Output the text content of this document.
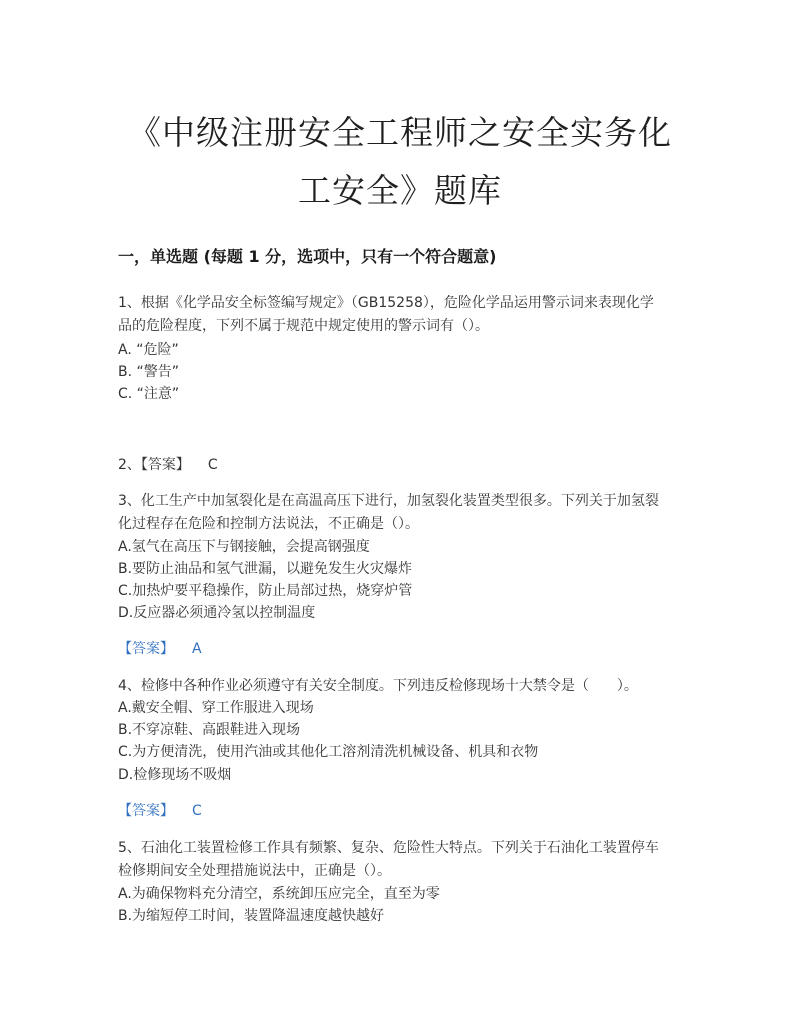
《中级注册安全工程师之安全实务化
工安全》题库
一，单选题 (每题 1 分，选项中，只有一个符合题意)
1、根据《化学品安全标签编写规定》（GB15258），危险化学品运用警示词来表现化学
品的危险程度，下列不属于规范中规定使用的警示词有（）。
A. “危险”
B. “警告”
C. “注意”
2、【答案】 C
3、化工生产中加氢裂化是在高温高压下进行，加氢裂化装置类型很多。下列关于加氢裂
化过程存在危险和控制方法说法，不正确是（）。
A.氢气在高压下与钢接触，会提高钢强度
B.要防止油品和氢气泄漏，以避免发生火灾爆炸
C.加热炉要平稳操作，防止局部过热，烧穿炉管
D.反应器必须通冷氢以控制温度
【答案】 A
4、检修中各种作业必须遵守有关安全制度。下列违反检修现场十大禁令是（　　）。
A.戴安全帽、穿工作服进入现场
B.不穿凉鞋、高跟鞋进入现场
C.为方便清洗，使用汽油或其他化工溶剂清洗机械设备、机具和衣物
D.检修现场不吸烟
【答案】 C
5、石油化工装置检修工作具有频繁、复杂、危险性大特点。下列关于石油化工装置停车
检修期间安全处理措施说法中，正确是（）。
A.为确保物料充分清空，系统卸压应完全，直至为零
B.为缩短停工时间，装置降温速度越快越好
